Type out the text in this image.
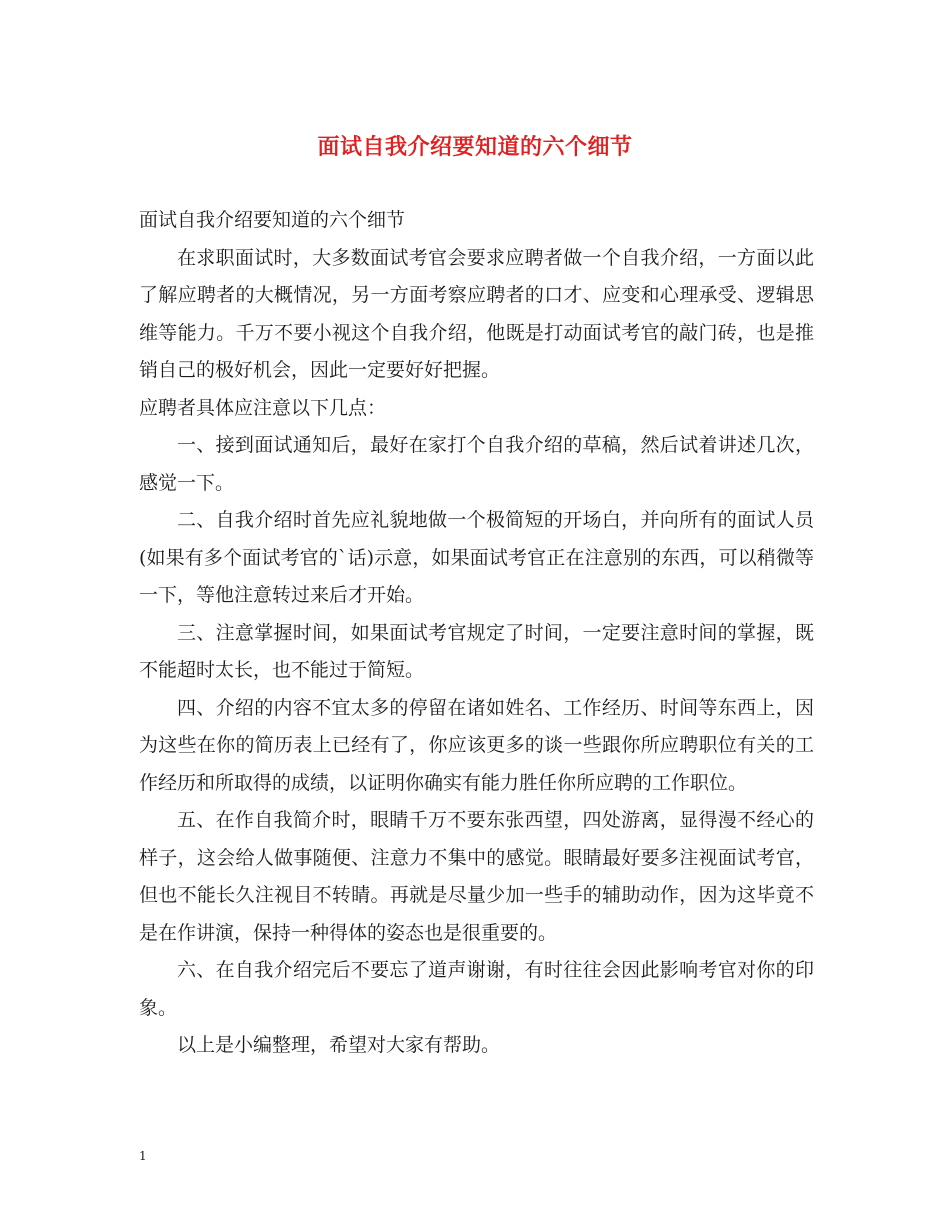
面试自我介绍要知道的六个细节

面试自我介绍要知道的六个细节

在求职面试时，大多数面试考官会要求应聘者做一个自我介绍，一方面以此了解应聘者的大概情况，另一方面考察应聘者的口才、应变和心理承受、逻辑思维等能力。千万不要小视这个自我介绍，他既是打动面试考官的敲门砖，也是推销自己的极好机会，因此一定要好好把握。

应聘者具体应注意以下几点：

一、接到面试通知后，最好在家打个自我介绍的草稿，然后试着讲述几次，感觉一下。

二、自我介绍时首先应礼貌地做一个极简短的开场白，并向所有的面试人员(如果有多个面试考官的`话)示意，如果面试考官正在注意别的东西，可以稍微等一下，等他注意转过来后才开始。

三、注意掌握时间，如果面试考官规定了时间，一定要注意时间的掌握，既不能超时太长，也不能过于简短。

四、介绍的内容不宜太多的停留在诸如姓名、工作经历、时间等东西上，因为这些在你的简历表上已经有了，你应该更多的谈一些跟你所应聘职位有关的工作经历和所取得的成绩，以证明你确实有能力胜任你所应聘的工作职位。

五、在作自我简介时，眼睛千万不要东张西望，四处游离，显得漫不经心的样子，这会给人做事随便、注意力不集中的感觉。眼睛最好要多注视面试考官，但也不能长久注视目不转睛。再就是尽量少加一些手的辅助动作，因为这毕竟不是在作讲演，保持一种得体的姿态也是很重要的。

六、在自我介绍完后不要忘了道声谢谢，有时往往会因此影响考官对你的印象。

以上是小编整理，希望对大家有帮助。

1
